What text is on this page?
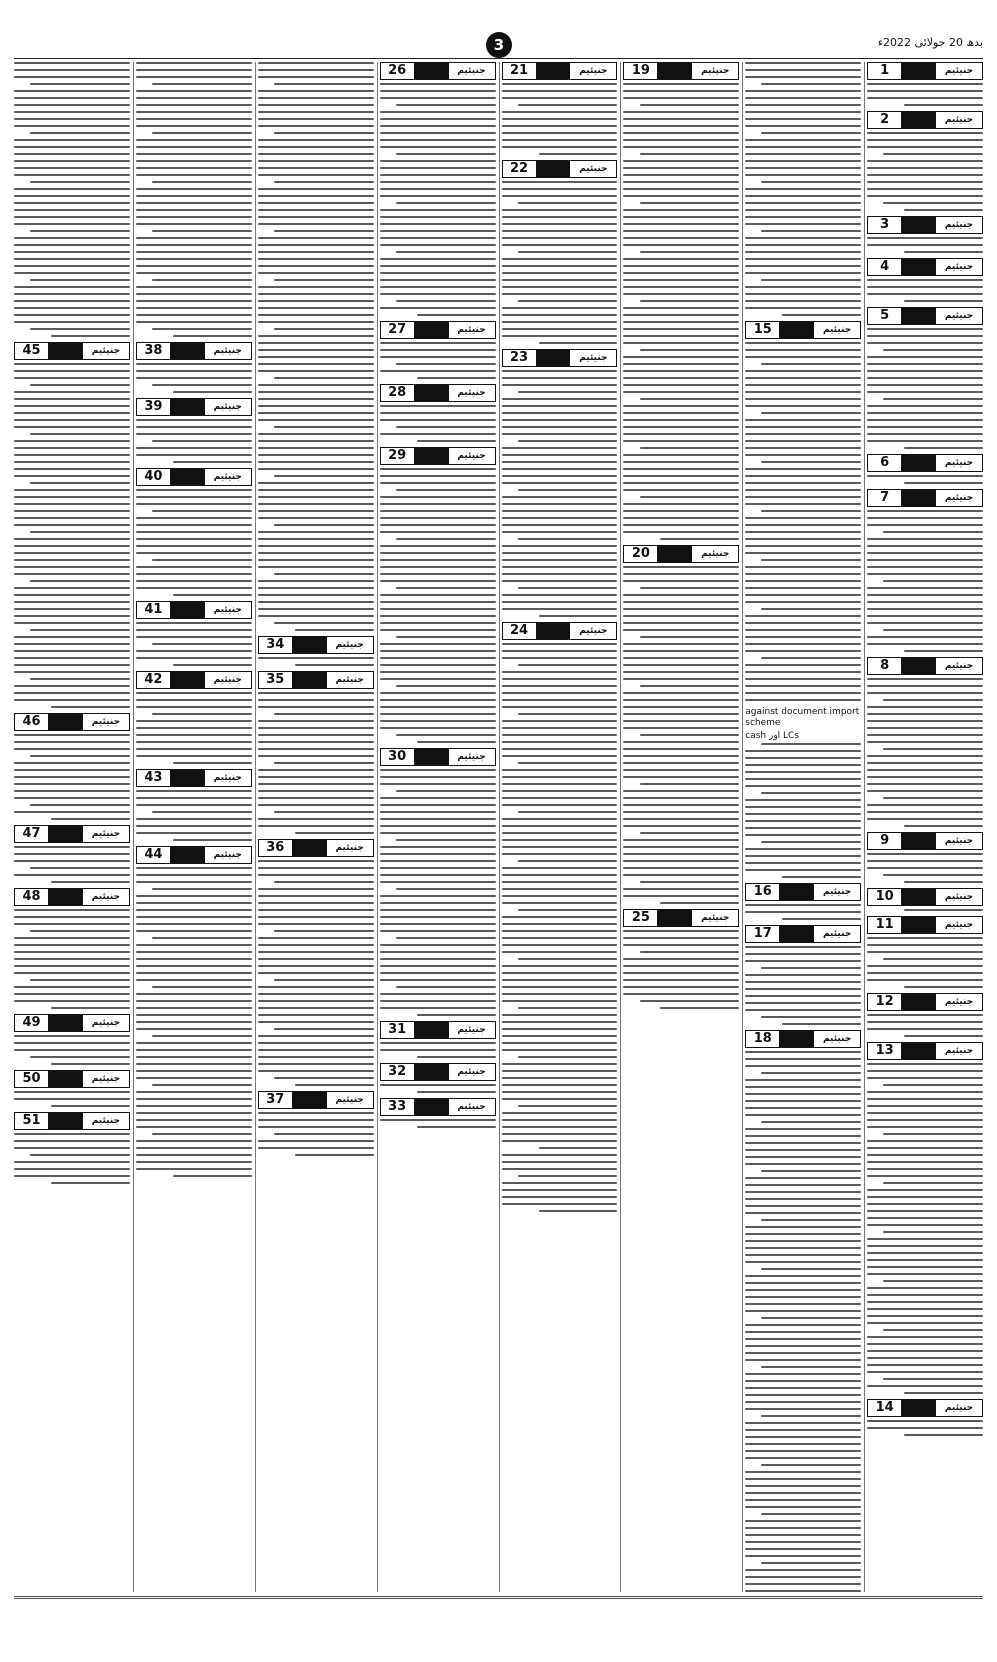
3	بدھ 20 جولائی 2022ء
1	جنیئیم
2	جنیئیم
3	جنیئیم
4	جنیئیم
5	جنیئیم
6	جنیئیم
7	جنیئیم
8	جنیئیم
9	جنیئیم
10	جنیئیم
11	جنیئیم
12	جنیئیم
13	جنیئیم
14	جنیئیم
15	جنیئیم
against document import scheme
cash اور LCs
16	جنیئیم
17	جنیئیم
18	جنیئیم
19	جنیئیم
20	جنیئیم
25	جنیئیم
21	جنیئیم
22	جنیئیم
23	جنیئیم
24	جنیئیم
26	جنیئیم
27	جنیئیم
28	جنیئیم
29	جنیئیم
30	جنیئیم
31	جنیئیم
32	جنیئیم
33	جنیئیم
34	جنیئیم
35	جنیئیم
36	جنیئیم
37	جنیئیم
38	جنیئیم
39	جنیئیم
40	جنیئیم
41	جنیئیم
42	جنیئیم
43	جنیئیم
44	جنیئیم
45	جنیئیم
46	جنیئیم
47	جنیئیم
48	جنیئیم
49	جنیئیم
50	جنیئیم
51	جنیئیم
